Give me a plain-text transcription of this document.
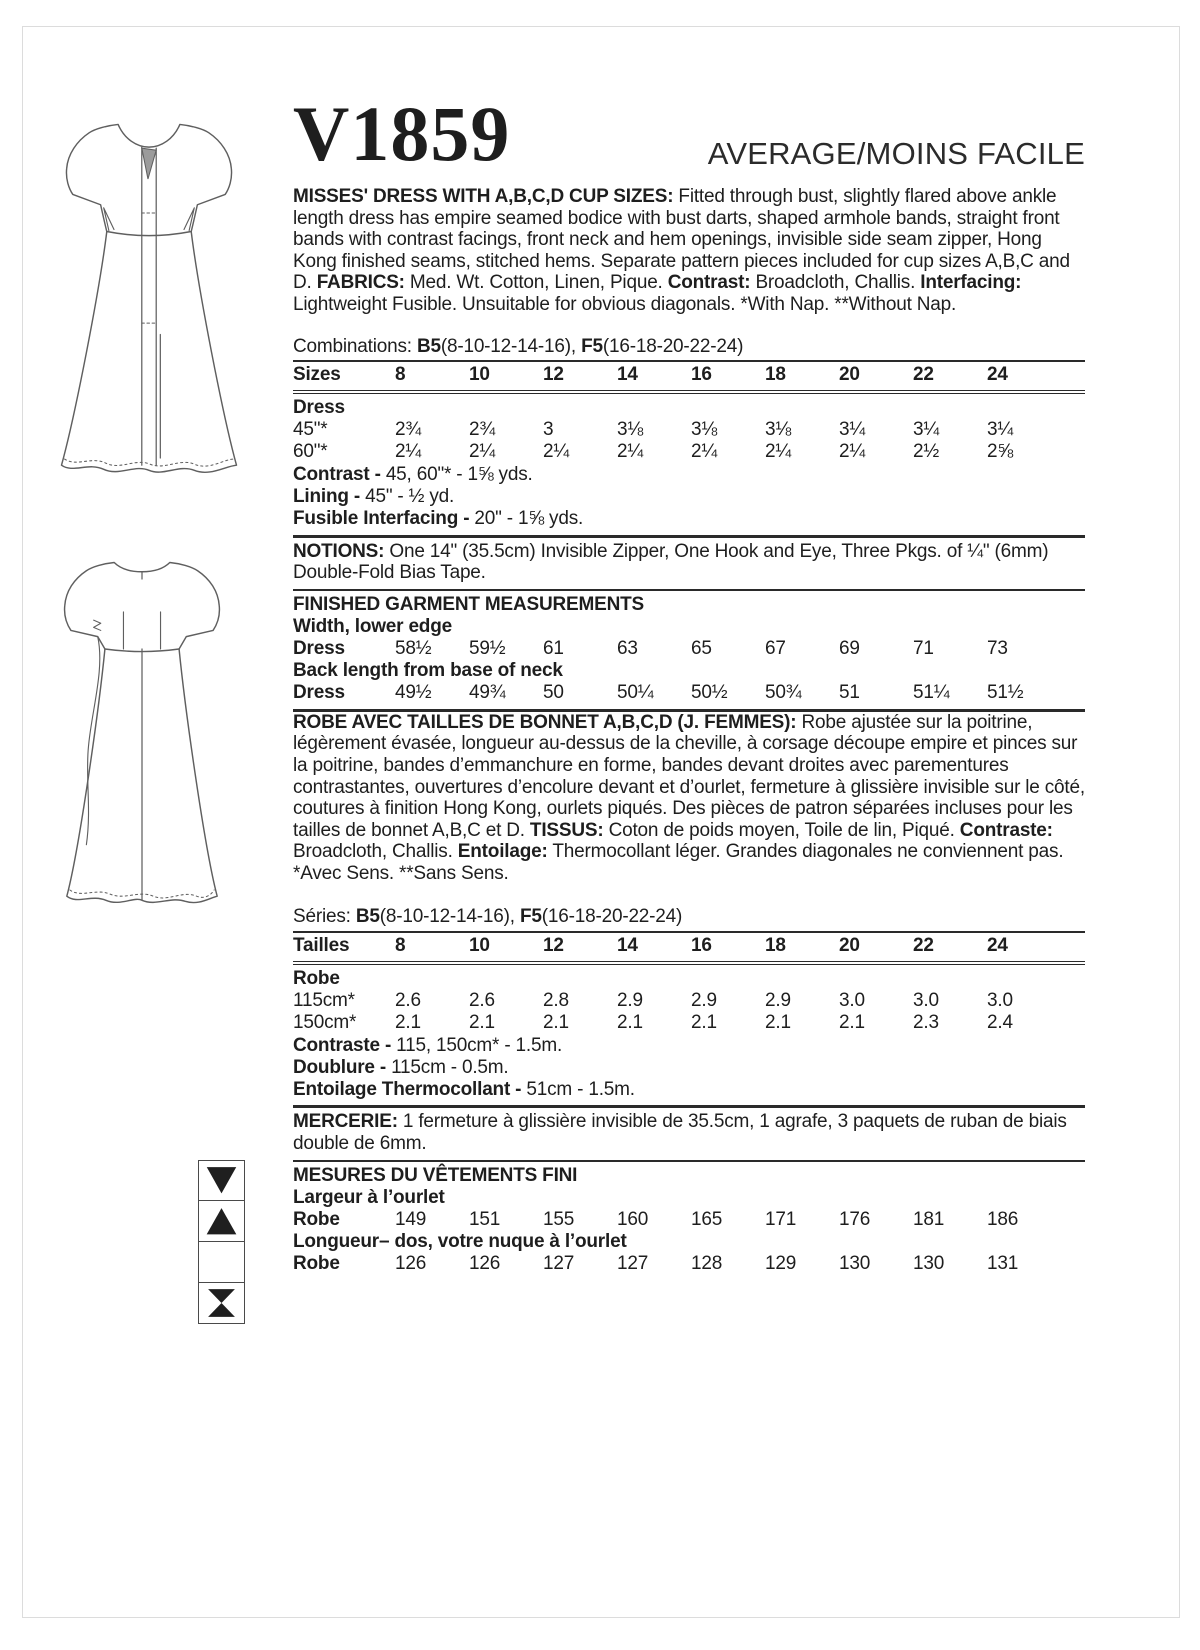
V1859	AVERAGE/MOINS FACILE

MISSES' DRESS WITH A,B,C,D CUP SIZES: Fitted through bust, slightly flared above ankle length dress has empire seamed bodice with bust darts, shaped armhole bands, straight front bands with contrast facings, front neck and hem openings, invisible side seam zipper, Hong Kong finished seams, stitched hems. Separate pattern pieces included for cup sizes A,B,C and D. FABRICS: Med. Wt. Cotton, Linen, Pique. Contrast: Broadcloth, Challis. Interfacing: Lightweight Fusible. Unsuitable for obvious diagonals. *With Nap. **Without Nap.

Combinations: B5(8-10-12-14-16), F5(16-18-20-22-24)
Sizes	8	10	12	14	16	18	20	22	24
Dress
45"*	2¾	2¾	3	3⅛	3⅛	3⅛	3¼	3¼	3¼
60"*	2¼	2¼	2¼	2¼	2¼	2¼	2¼	2½	2⅝
Contrast - 45, 60"* - 1⅝ yds.
Lining - 45" - ½ yd.
Fusible Interfacing - 20" - 1⅝ yds.

NOTIONS: One 14" (35.5cm) Invisible Zipper, One Hook and Eye, Three Pkgs. of ¼" (6mm) Double-Fold Bias Tape.

FINISHED GARMENT MEASUREMENTS
Width, lower edge
Dress	58½	59½	61	63	65	67	69	71	73
Back length from base of neck
Dress	49½	49¾	50	50¼	50½	50¾	51	51¼	51½

ROBE AVEC TAILLES DE BONNET A,B,C,D (J. FEMMES): Robe ajustée sur la poitrine, légèrement évasée, longueur au-dessus de la cheville, à corsage découpe empire et pinces sur la poitrine, bandes d’emmanchure en forme, bandes devant droites avec parementures contrastantes, ouvertures d’encolure devant et d’ourlet, fermeture à glissière invisible sur le côté, coutures à finition Hong Kong, ourlets piqués. Des pièces de patron séparées incluses pour les tailles de bonnet A,B,C et D. TISSUS: Coton de poids moyen, Toile de lin, Piqué. Contraste: Broadcloth, Challis. Entoilage: Thermocollant léger. Grandes diagonales ne conviennent pas.

*Avec Sens. **Sans Sens.
Séries: B5(8-10-12-14-16), F5(16-18-20-22-24)
Tailles	8	10	12	14	16	18	20	22	24
Robe
115cm*	2.6	2.6	2.8	2.9	2.9	2.9	3.0	3.0	3.0
150cm*	2.1	2.1	2.1	2.1	2.1	2.1	2.1	2.3	2.4
Contraste - 115, 150cm* - 1.5m.
Doublure - 115cm - 0.5m.
Entoilage Thermocollant - 51cm - 1.5m.

MERCERIE: 1 fermeture à glissière invisible de 35.5cm, 1 agrafe, 3 paquets de ruban de biais double de 6mm.

MESURES DU VÊTEMENTS FINI
Largeur à l’ourlet
Robe	149	151	155	160	165	171	176	181	186
Longueur– dos, votre nuque à l’ourlet
Robe	126	126	127	127	128	129	130	130	131
